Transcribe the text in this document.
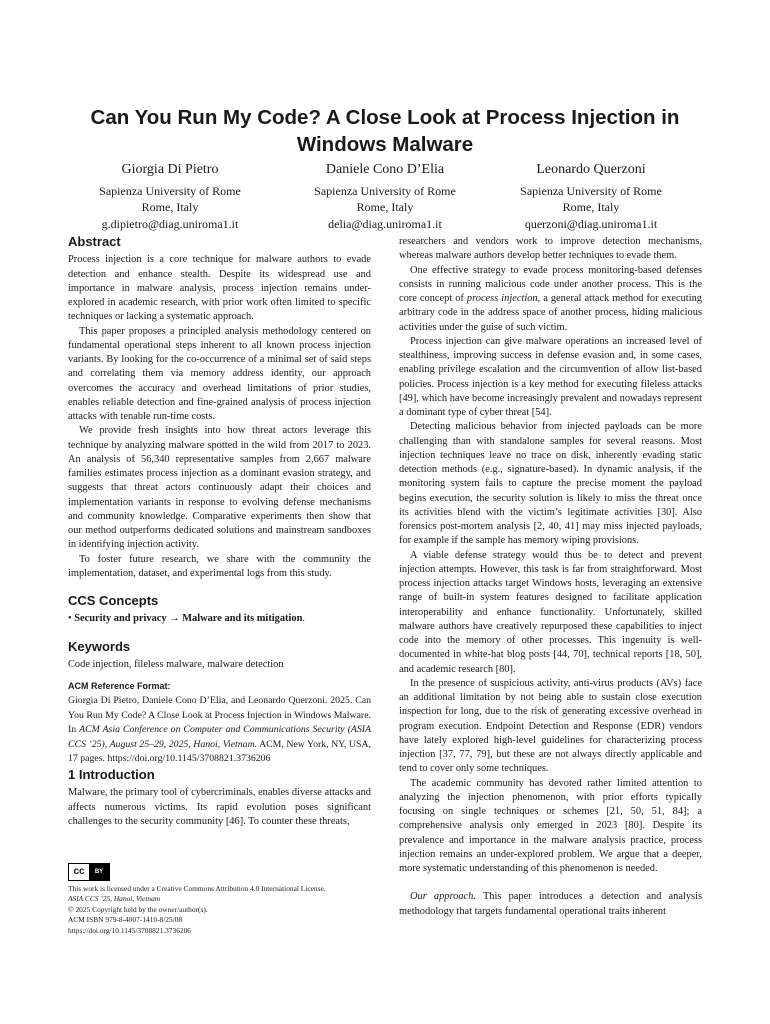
Can You Run My Code? A Close Look at Process Injection in
Windows Malware
Giorgia Di Pietro
Sapienza University of Rome
Rome, Italy
g.dipietro@diag.uniroma1.it
Daniele Cono D’Elia
Sapienza University of Rome
Rome, Italy
delia@diag.uniroma1.it
Leonardo Querzoni
Sapienza University of Rome
Rome, Italy
querzoni@diag.uniroma1.it
Abstract

Process injection is a core technique for malware authors to evade detection and enhance stealth. Despite its widespread use and importance in malware analysis, process injection remains under-explored in academic research, with prior work often limited to specific techniques or lacking a systematic approach.

This paper proposes a principled analysis methodology centered on fundamental operational steps inherent to all known process injection variants. By looking for the co-occurrence of a minimal set of said steps and correlating them via memory address identity, our approach overcomes the accuracy and overhead limitations of prior studies, enables reliable detection and fine-grained analysis of process injection attacks with tenable run-time costs.

We provide fresh insights into how threat actors leverage this technique by analyzing malware spotted in the wild from 2017 to 2023. An analysis of 56,340 representative samples from 2,667 malware families estimates process injection as a dominant evasion strategy, and suggests that threat actors continuously adapt their choices and implementation variants in response to evolving defense mechanisms and community knowledge. Comparative experiments then show that our method outperforms dedicated solutions and mainstream sandboxes in identifying injection activity.

To foster future research, we share with the community the implementation, dataset, and experimental logs from this study.

CCS Concepts

• Security and privacy → Malware and its mitigation.

Keywords

Code injection, fileless malware, malware detection

ACM Reference Format:

Giorgia Di Pietro, Daniele Cono D’Elia, and Leonardo Querzoni. 2025. Can You Run My Code? A Close Look at Process Injection in Windows Malware. In ACM Asia Conference on Computer and Communications Security (ASIA CCS ’25), August 25–29, 2025, Hanoi, Vietnam. ACM, New York, NY, USA, 17 pages. https://doi.org/10.1145/3708821.3736206

1 Introduction

Malware, the primary tool of cybercriminals, enables diverse attacks and affects numerous victims. Its rapid evolution poses significant challenges to the security community [46]. To counter these threats,

cc	BY
This work is licensed under a Creative Commons Attribution 4.0 International License.
ASIA CCS ’25, Hanoi, Vietnam
© 2025 Copyright held by the owner/author(s).
ACM ISBN 979-8-4007-1410-8/25/08
https://doi.org/10.1145/3708821.3736206

researchers and vendors work to improve detection mechanisms, whereas malware authors develop better techniques to evade them.

One effective strategy to evade process monitoring-based defenses consists in running malicious code under another process. This is the core concept of process injection, a general attack method for executing arbitrary code in the address space of another process, hiding malicious activities under the guise of such victim.

Process injection can give malware operations an increased level of stealthiness, improving success in defense evasion and, in some cases, enabling privilege escalation and the circumvention of allow list-based policies. Process injection is a key method for executing fileless attacks [49], which have become increasingly prevalent and nowadays represent a dominant type of cyber threat [54].

Detecting malicious behavior from injected payloads can be more challenging than with standalone samples for several reasons. Most injection techniques leave no trace on disk, inherently evading static detection methods (e.g., signature-based). In dynamic analysis, if the monitoring system fails to capture the precise moment the payload begins execution, the security solution is likely to miss the threat once its activities blend with the victim’s legitimate activities [30]. Also forensics post-mortem analysis [2, 40, 41] may miss injected payloads, for example if the sample has memory wiping provisions.

A viable defense strategy would thus be to detect and prevent injection attempts. However, this task is far from straightforward. Most process injection attacks target Windows hosts, leveraging an extensive range of built-in system features designed to facilitate application interoperability and enhance functionality. Unfortunately, skilled malware authors have creatively repurposed these capabilities to inject code into the memory of other processes. This ingenuity is well-documented in white-hat blog posts [44, 70], technical reports [18, 50], and academic research [80].

In the presence of suspicious activity, anti-virus products (AVs) face an additional limitation by not being able to sustain close execution inspection for long, due to the risk of generating excessive overhead in program execution. Endpoint Detection and Response (EDR) vendors have lately explored high-level guidelines for characterizing process injection [37, 77, 79], but these are not always directly applicable and tend to cover only some techniques.

The academic community has devoted rather limited attention to analyzing the injection phenomenon, with prior efforts typically focusing on single techniques or schemes [21, 50, 51, 84]; a comprehensive analysis only emerged in 2023 [80]. Despite its prevalence and importance in the malware analysis practice, process injection remains an under-explored problem. We argue that a deeper, more systematic understanding of this phenomenon is needed.

Our approach. This paper introduces a detection and analysis methodology that targets fundamental operational traits inherent
